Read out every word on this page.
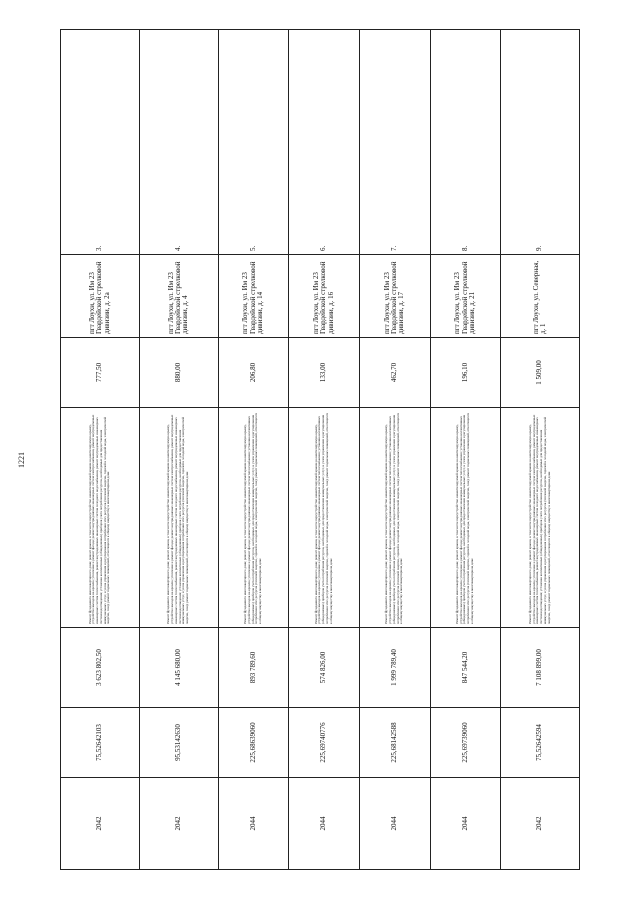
1221
2042	75,52642103	3 623 802,50	Ремонт фундамента многоквартирного дома; ремонт крыши, в том числе переустройство невентилируемой крыши на вентилируемую крышу, устройство выходов на кровлю; утепление и ремонт фасада; ремонт внутридомовых инженерных систем электроснабжения, ремонт внутридомовых инженерных систем теплоснабжения, ремонт внутридомовых инженерных систем холодного водоснабжения, ремонт внутридомовых инженерных систем водоотведения; установка коллективных (общедомовых) приборов учета потребления ресурсов, необходимых для предоставления коммунальных услуг, и узлов управления и регулирования потребления этих ресурсов (тепловой энергии, горячей и холодной воды, электрической энергии, газа); ремонт подвальных помещений, относящихся к общему имуществу в многоквартирном доме	777,50	пгт Лоухи, ул. Им 23 Гвардейской стрелковой дивизии, д. 2а	3.
2042	95,53142630	4 145 680,00	Ремонт фундамента многоквартирного дома; ремонт крыши, в том числе переустройство невентилируемой крыши на вентилируемую крышу, устройство выходов на кровлю; утепление и ремонт фасада; ремонт внутридомовых инженерных систем электроснабжения, ремонт внутридомовых инженерных систем теплоснабжения, ремонт внутридомовых инженерных систем холодного водоснабжения, ремонт внутридомовых инженерных систем водоотведения; установка коллективных (общедомовых) приборов учета потребления ресурсов, необходимых для предоставления коммунальных услуг, и узлов управления и регулирования потребления этих ресурсов (тепловой энергии, горячей и холодной воды, электрической энергии, газа); ремонт подвальных помещений, относящихся к общему имуществу в многоквартирном доме	880,00	пгт Лоухи, ул. Им 23 Гвардейской стрелковой дивизии, д. 4	4.
2044	225,68639060	893 789,60	Ремонт фундамента многоквартирного дома; ремонт крыши, в том числе переустройство невентилируемой крыши на вентилируемую крышу, устройство выходов на кровлю; утепление и ремонт фасада; ремонт внутридомовых инженерных систем теплоснабжения; установка коллективных (общедомовых) приборов учета потребления ресурсов, необходимых для предоставления коммунальных услуг, и узлов управления и регулирования потребления этих ресурсов (тепловой энергии, горячей и холодной воды, электрической энергии, газа); ремонт подвальных помещений, относящихся к общему имуществу в многоквартирном доме	206,80	пгт Лоухи, ул. Им 23 Гвардейской стрелковой дивизии, д. 14	5.
2044	225,69740776	574 826,00	Ремонт фундамента многоквартирного дома; ремонт крыши, в том числе переустройство невентилируемой крыши на вентилируемую крышу, устройство выходов на кровлю; утепление и ремонт фасада; ремонт внутридомовых инженерных систем теплоснабжения; установка коллективных (общедомовых) приборов учета потребления ресурсов, необходимых для предоставления коммунальных услуг, и узлов управления и регулирования потребления этих ресурсов (тепловой энергии, горячей и холодной воды, электрической энергии, газа); ремонт подвальных помещений, относящихся к общему имуществу в многоквартирном доме	133,00	пгт Лоухи, ул. Им 23 Гвардейской стрелковой дивизии, д. 16	6.
2044	225,68142588	1 999 789,40	Ремонт фундамента многоквартирного дома; ремонт крыши, в том числе переустройство невентилируемой крыши на вентилируемую крышу, устройство выходов на кровлю; утепление и ремонт фасада; ремонт внутридомовых инженерных систем теплоснабжения; установка коллективных (общедомовых) приборов учета потребления ресурсов, необходимых для предоставления коммунальных услуг, и узлов управления и регулирования потребления этих ресурсов (тепловой энергии, горячей и холодной воды, электрической энергии, газа); ремонт подвальных помещений, относящихся к общему имуществу в многоквартирном доме	462,70	пгт Лоухи, ул. Им 23 Гвардейской стрелковой дивизии, д. 17	7.
2044	225,69739060	847 544,20	Ремонт фундамента многоквартирного дома; ремонт крыши, в том числе переустройство невентилируемой крыши на вентилируемую крышу, устройство выходов на кровлю; утепление и ремонт фасада; ремонт внутридомовых инженерных систем теплоснабжения; установка коллективных (общедомовых) приборов учета потребления ресурсов, необходимых для предоставления коммунальных услуг, и узлов управления и регулирования потребления этих ресурсов (тепловой энергии, горячей и холодной воды, электрической энергии, газа); ремонт подвальных помещений, относящихся к общему имуществу в многоквартирном доме	196,10	пгт Лоухи, ул. Им 23 Гвардейской стрелковой дивизии, д. 21	8.
2042	75,52642594	7 108 899,00	Ремонт фундамента многоквартирного дома; ремонт крыши, в том числе переустройство невентилируемой крыши на вентилируемую крышу, устройство выходов на кровлю; утепление и ремонт фасада; ремонт внутридомовых инженерных систем электроснабжения, ремонт внутридомовых инженерных систем теплоснабжения, ремонт внутридомовых инженерных систем холодного водоснабжения, ремонт внутридомовых инженерных систем водоотведения; установка коллективных (общедомовых) приборов учета потребления ресурсов, необходимых для предоставления коммунальных услуг, и узлов управления и регулирования потребления этих ресурсов (тепловой энергии, горячей и холодной воды, электрической энергии, газа); ремонт подвальных помещений, относящихся к общему имуществу в многоквартирном доме	1 509,00	пгт Лоухи, ул. Северная, д. 1	9.
